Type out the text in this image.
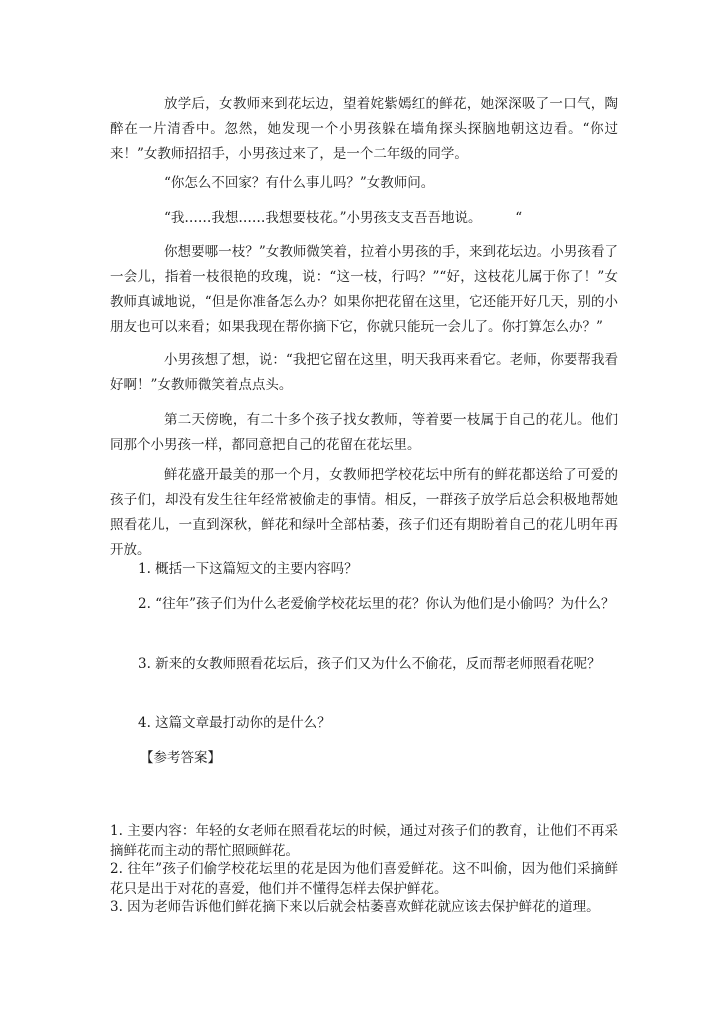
放学后，女教师来到花坛边，望着姹紫嫣红的鲜花，她深深吸了一口气，陶醉在一片清香中。忽然，她发现一个小男孩躲在墙角探头探脑地朝这边看。“你过来！”女教师招招手，小男孩过来了，是一个二年级的同学。
“你怎么不回家？有什么事儿吗？”女教师问。
“我……我想……我想要枝花。”小男孩支支吾吾地说。　　　“
你想要哪一枝？”女教师微笑着，拉着小男孩的手，来到花坛边。小男孩看了一会儿，指着一枝很艳的玫瑰，说：“这一枝，行吗？”“好，这枝花儿属于你了！”女教师真诚地说，“但是你准备怎么办？如果你把花留在这里，它还能开好几天，别的小朋友也可以来看；如果我现在帮你摘下它，你就只能玩一会儿了。你打算怎么办？”
小男孩想了想，说：“我把它留在这里，明天我再来看它。老师，你要帮我看好啊！”女教师微笑着点点头。
第二天傍晚，有二十多个孩子找女教师，等着要一枝属于自己的花儿。他们同那个小男孩一样，都同意把自己的花留在花坛里。
鲜花盛开最美的那一个月，女教师把学校花坛中所有的鲜花都送给了可爱的孩子们，却没有发生往年经常被偷走的事情。相反，一群孩子放学后总会积极地帮她照看花儿，一直到深秋，鲜花和绿叶全部枯萎，孩子们还有期盼着自己的花儿明年再开放。
1. 概括一下这篇短文的主要内容吗？
2. “往年”孩子们为什么老爱偷学校花坛里的花？你认为他们是小偷吗？为什么？
3. 新来的女教师照看花坛后，孩子们又为什么不偷花，反而帮老师照看花呢？
4. 这篇文章最打动你的是什么？
【参考答案】
1. 主要内容：年轻的女老师在照看花坛的时候，通过对孩子们的教育，让他们不再采摘鲜花而主动的帮忙照顾鲜花。
2. 往年”孩子们偷学校花坛里的花是因为他们喜爱鲜花。这不叫偷，因为他们采摘鲜花只是出于对花的喜爱，他们并不懂得怎样去保护鲜花。
3. 因为老师告诉他们鲜花摘下来以后就会枯萎喜欢鲜花就应该去保护鲜花的道理。
